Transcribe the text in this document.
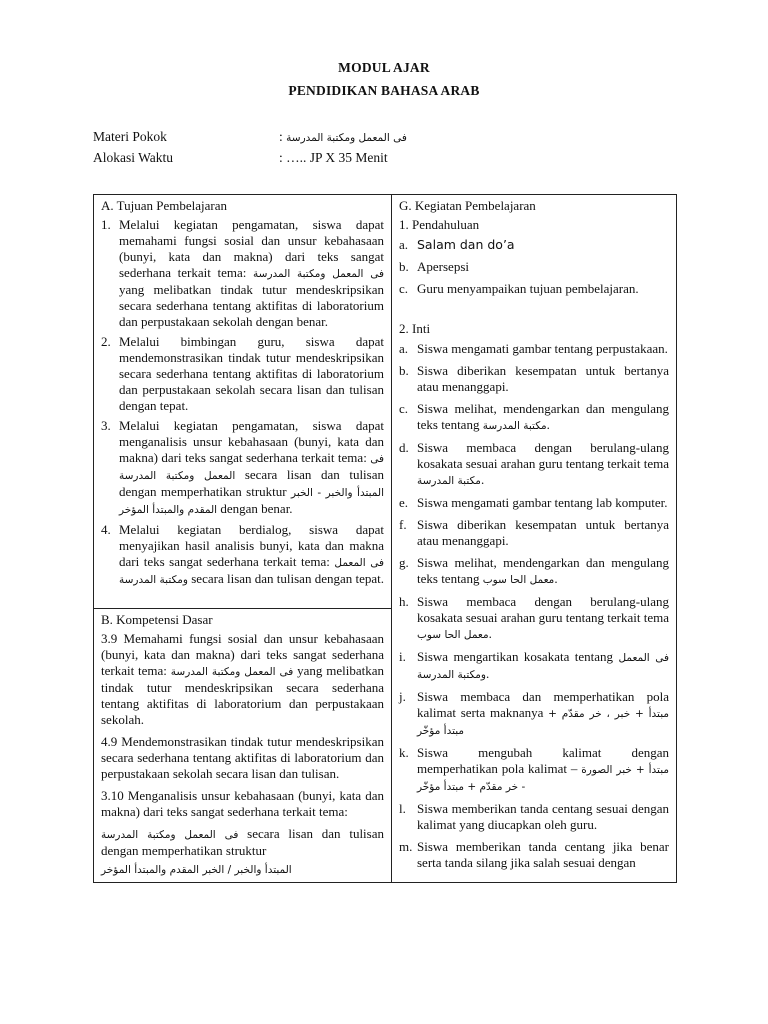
MODUL AJAR
PENDIDIKAN BAHASA ARAB
Materi Pokok	: فى المعمل ومكتبة المدرسة
Alokasi Waktu	: ….. JP X 35 Menit
A. Tujuan Pembelajaran
1. Melalui kegiatan pengamatan, siswa dapat memahami fungsi sosial dan unsur kebahasaan (bunyi, kata dan makna) dari teks sangat sederhana terkait tema: فى المعمل ومكتبة المدرسة yang melibatkan tindak tutur mendeskripsikan secara sederhana tentang aktifitas di laboratorium dan perpustakaan sekolah dengan benar.
2. Melalui bimbingan guru, siswa dapat mendemonstrasikan tindak tutur mendeskripsikan secara sederhana tentang aktifitas di laboratorium dan perpustakaan sekolah secara lisan dan tulisan dengan tepat.
3. Melalui kegiatan pengamatan, siswa dapat menganalisis unsur kebahasaan (bunyi, kata dan makna) dari teks sangat sederhana terkait tema: فى المعمل ومكتبة المدرسة secara lisan dan tulisan dengan memperhatikan struktur المبتدأ والخبر - الخبر المقدم والمبتدأ المؤخر dengan benar.
4. Melalui kegiatan berdialog, siswa dapat menyajikan hasil analisis bunyi, kata dan makna dari teks sangat sederhana terkait tema: فى المعمل ومكتبة المدرسة secara lisan dan tulisan dengan tepat.

G. Kegiatan Pembelajaran
1. Pendahuluan
a. Salam dan do’a
b. Apersepsi
c. Guru menyampaikan tujuan pembelajaran.
2. Inti
a. Siswa mengamati gambar tentang perpustakaan.
b. Siswa diberikan kesempatan untuk bertanya atau menanggapi.
c. Siswa melihat, mendengarkan dan mengulang teks tentang مكتبة المدرسة.
d. Siswa membaca dengan berulang-ulang kosakata sesuai arahan guru tentang terkait tema مكتبة المدرسة.
e. Siswa mengamati gambar tentang lab komputer.
f. Siswa diberikan kesempatan untuk bertanya atau menanggapi.
g. Siswa melihat, mendengarkan dan mengulang teks tentang معمل الحا سوب.
h. Siswa membaca dengan berulang-ulang kosakata sesuai arahan guru tentang terkait tema معمل الحا سوب.
i. Siswa mengartikan kosakata tentang فى المعمل ومكتبة المدرسة.
j. Siswa membaca dan memperhatikan pola kalimat serta maknanya مبتدأ + خبر ، خر مقدّم + مبتدأ مؤخّر
k. Siswa mengubah kalimat dengan memperhatikan pola kalimat – مبتدأ + خبر الصورة - خر مقدّم + مبتدأ مؤخّر
l. Siswa memberikan tanda centang sesuai dengan kalimat yang diucapkan oleh guru.
m. Siswa memberikan tanda centang jika benar serta tanda silang jika salah sesuai dengan

B. Kompetensi Dasar
3.9 Memahami fungsi sosial dan unsur kebahasaan (bunyi, kata dan makna) dari teks sangat sederhana terkait tema: فى المعمل ومكتبة المدرسة yang melibatkan tindak tutur mendeskripsikan secara sederhana tentang aktifitas di laboratorium dan perpustakaan sekolah.
4.9 Mendemonstrasikan tindak tutur mendeskripsikan secara sederhana tentang aktifitas di laboratorium dan perpustakaan sekolah secara lisan dan tulisan.
3.10 Menganalisis unsur kebahasaan (bunyi, kata dan makna) dari teks sangat sederhana terkait tema:
فى المعمل ومكتبة المدرسة secara lisan dan tulisan dengan memperhatikan struktur
المبتدأ والخبر / الخبر المقدم والمبتدأ المؤخر
